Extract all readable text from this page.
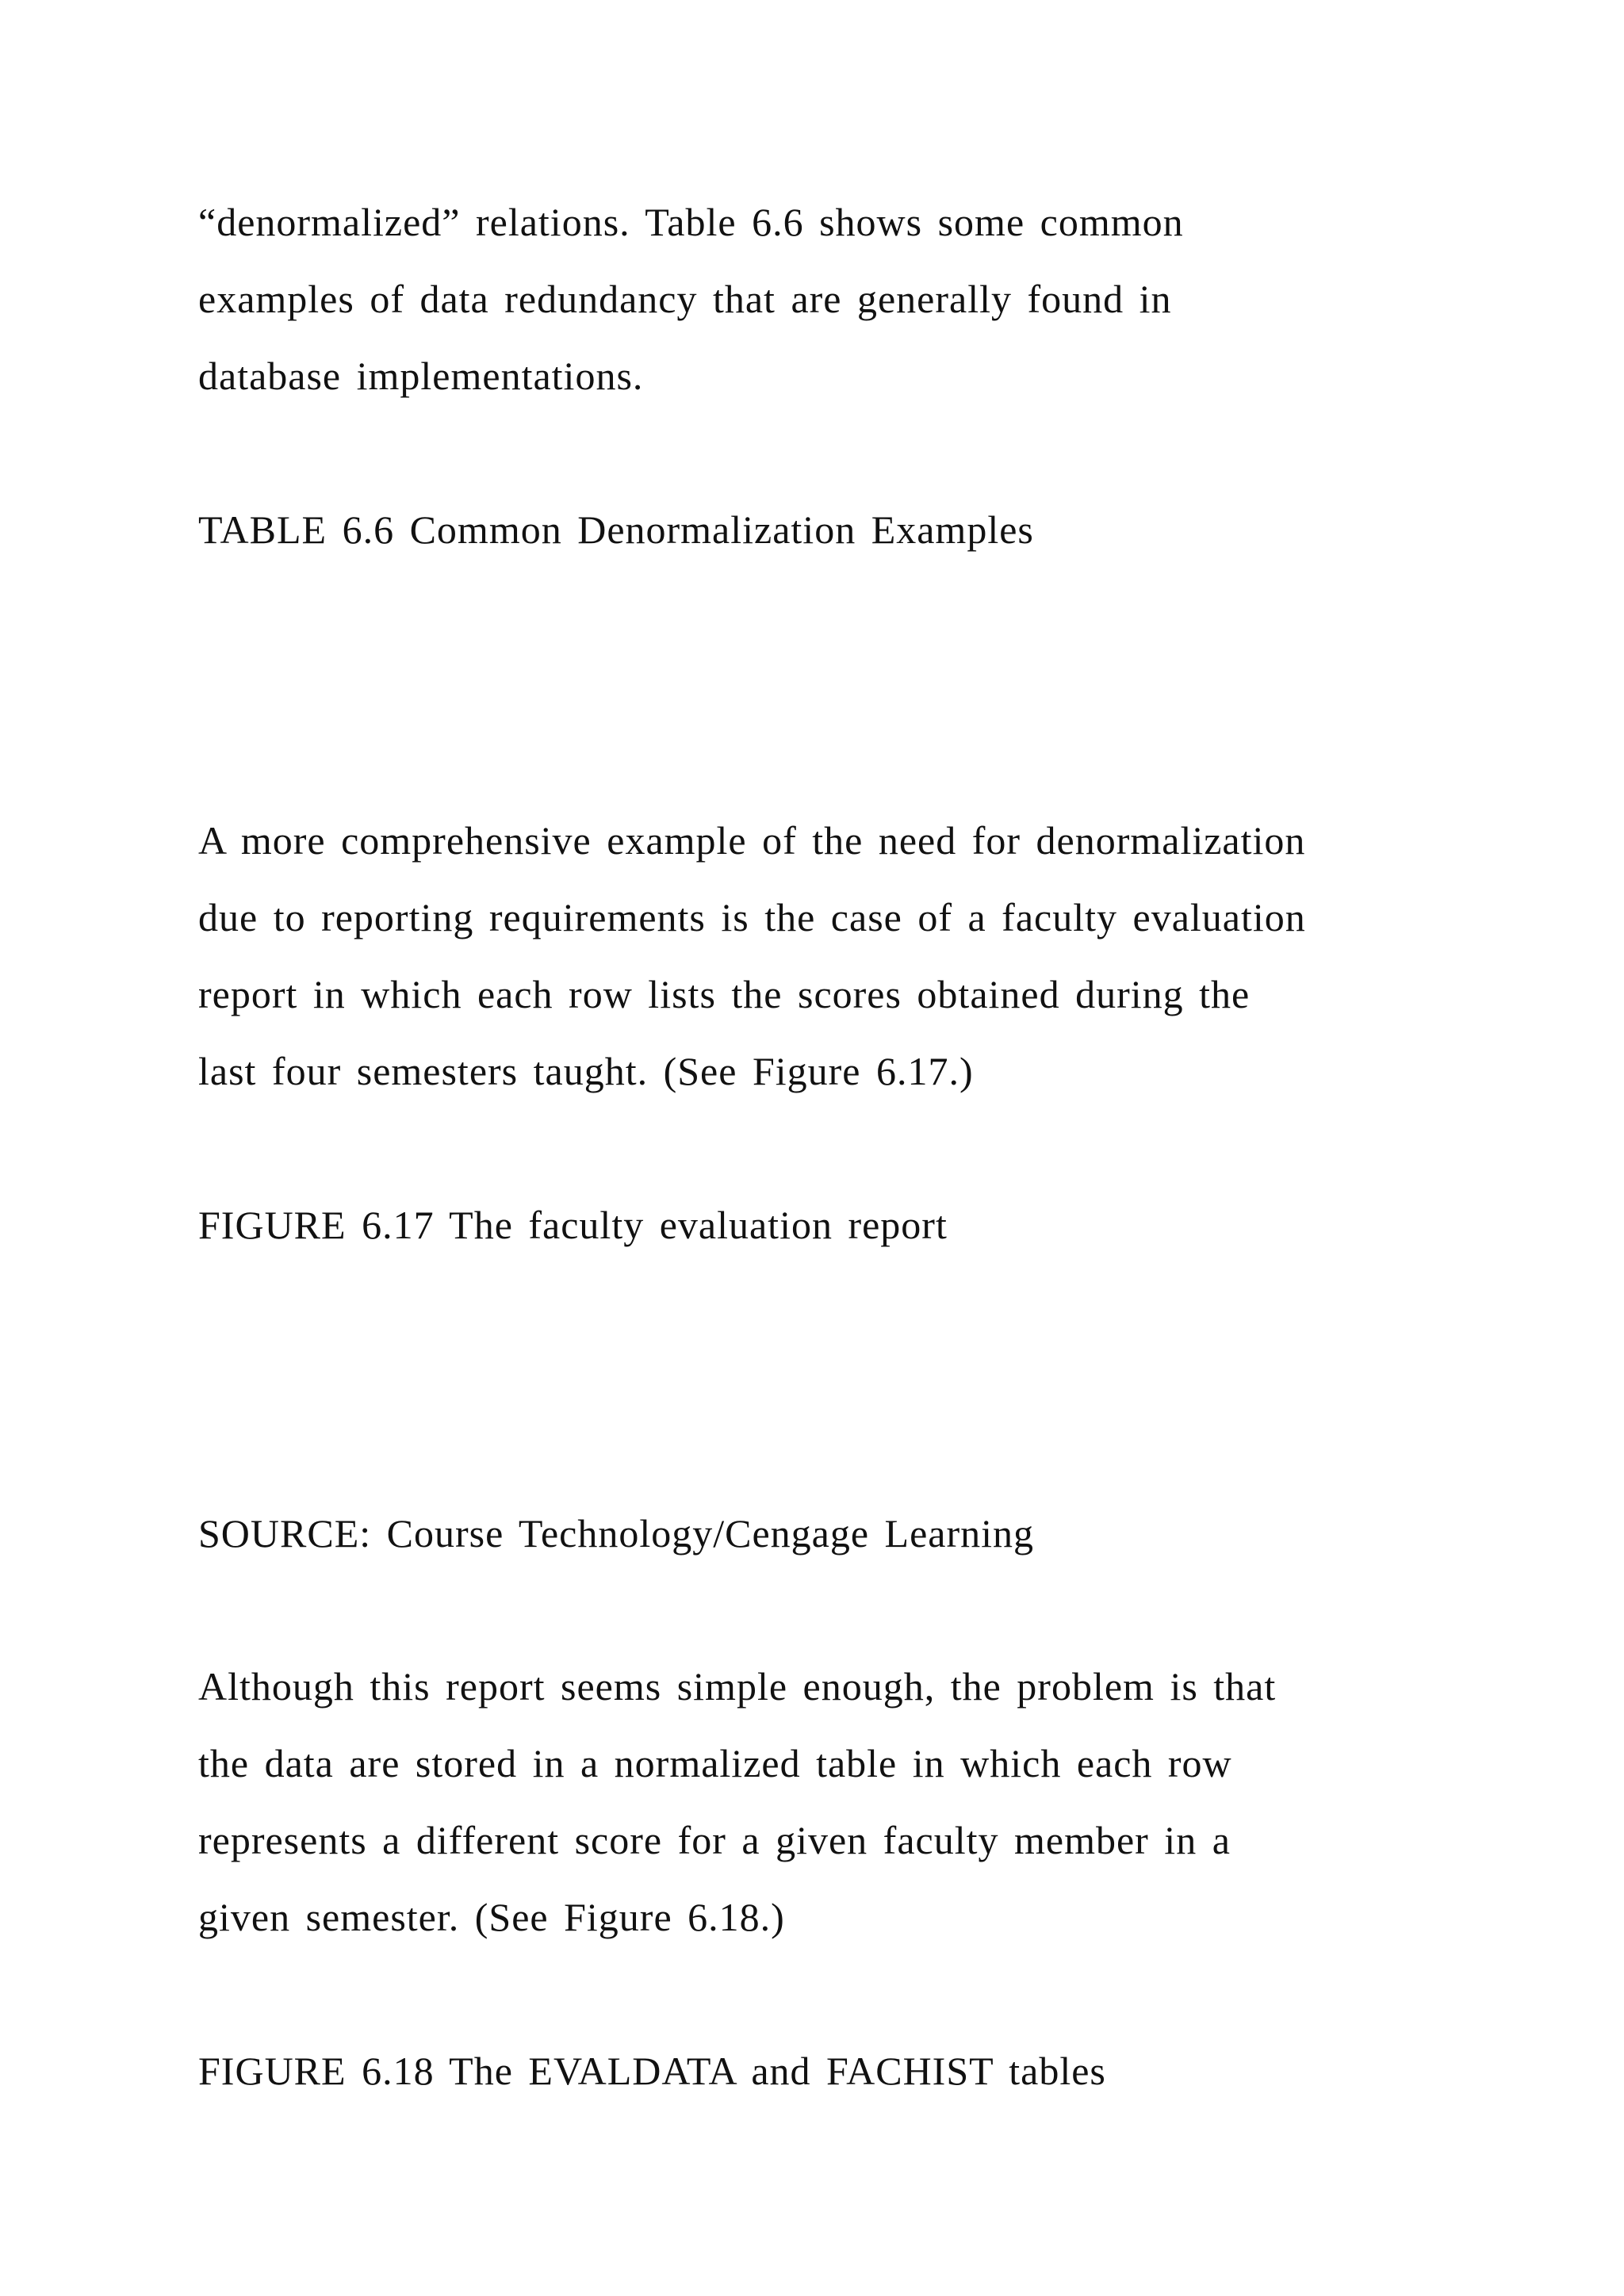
“denormalized” relations. Table 6.6 shows some common
examples of data redundancy that are generally found in
database implementations.
TABLE 6.6 Common Denormalization Examples
A more comprehensive example of the need for denormalization
due to reporting requirements is the case of a faculty evaluation
report in which each row lists the scores obtained during the
last four semesters taught. (See Figure 6.17.)
FIGURE 6.17 The faculty evaluation report
SOURCE: Course Technology/Cengage Learning
Although this report seems simple enough, the problem is that
the data are stored in a normalized table in which each row
represents a different score for a given faculty member in a
given semester. (See Figure 6.18.)
FIGURE 6.18 The EVALDATA and FACHIST tables
